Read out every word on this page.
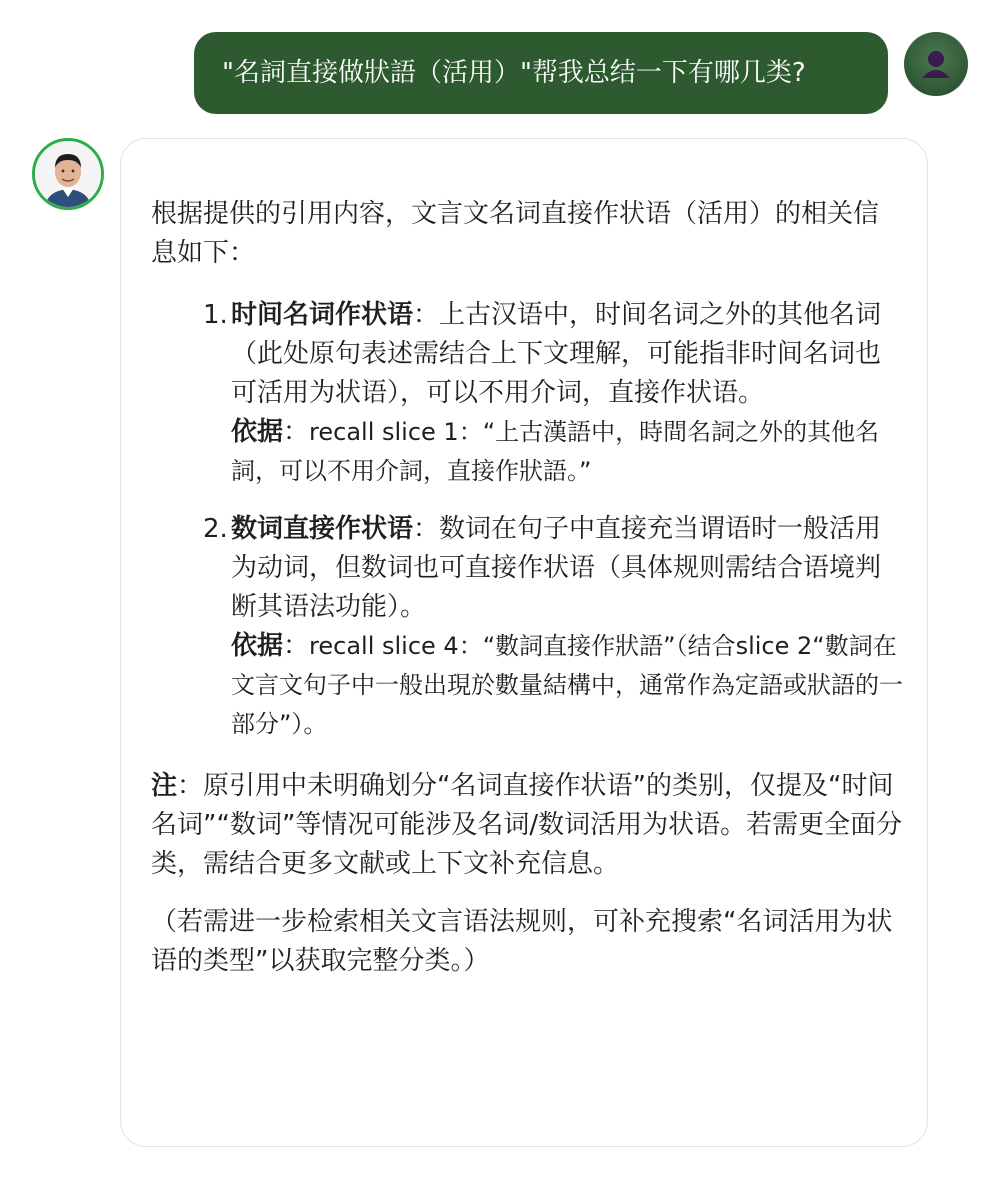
"名詞直接做狀語（活用）"帮我总结一下有哪几类?

根据提供的引用内容，文言文名词直接作状语（活用）的相关信息如下：

1. 时间名词作状语：上古汉语中，时间名词之外的其他名词（此处原句表述需结合上下文理解，可能指非时间名词也可活用为状语），可以不用介词，直接作状语。
依据：recall slice 1：“上古漢語中，時間名詞之外的其他名詞，可以不用介詞，直接作狀語。”
2. 数词直接作状语：数词在句子中直接充当谓语时一般活用为动词，但数词也可直接作状语（具体规则需结合语境判断其语法功能）。
依据：recall slice 4：“數詞直接作狀語”（结合slice 2“數詞在文言文句子中一般出現於數量結構中，通常作為定語或狀語的一部分”）。

注：原引用中未明确划分“名词直接作状语”的类别，仅提及“时间名词”“数词”等情况可能涉及名词/数词活用为状语。若需更全面分类，需结合更多文献或上下文补充信息。

（若需进一步检索相关文言语法规则，可补充搜索“名词活用为状语的类型”以获取完整分类。）
